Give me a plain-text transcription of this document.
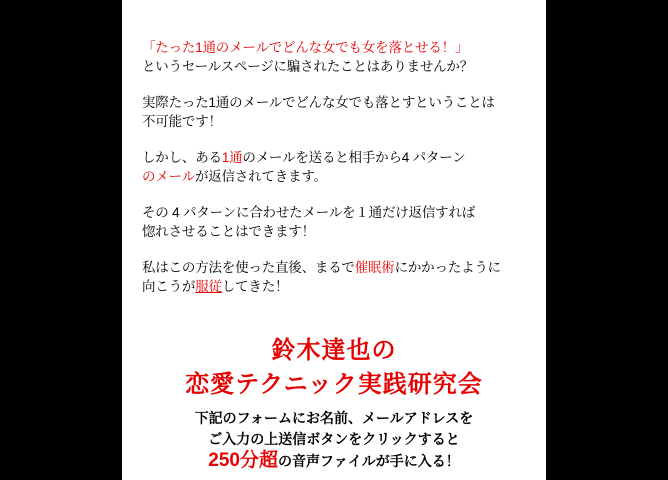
「たった1通のメールでどんな女でも女を落とせる！」
というセールスページに騙されたことはありませんか？

実際たった1通のメールでどんな女でも落とすということは
不可能です！

しかし、ある1通のメールを送ると相手から4 パターン
のメールが返信されてきます。

その 4 パターンに合わせたメールを１通だけ返信すれば
惚れさせることはできます！

私はこの方法を使った直後、まるで催眠術にかかったように
向こうが服従してきた！

鈴木達也の
恋愛テクニック実践研究会
下記のフォームにお名前、メールアドレスを
ご入力の上送信ボタンをクリックすると
250分超の音声ファイルが手に入る！
